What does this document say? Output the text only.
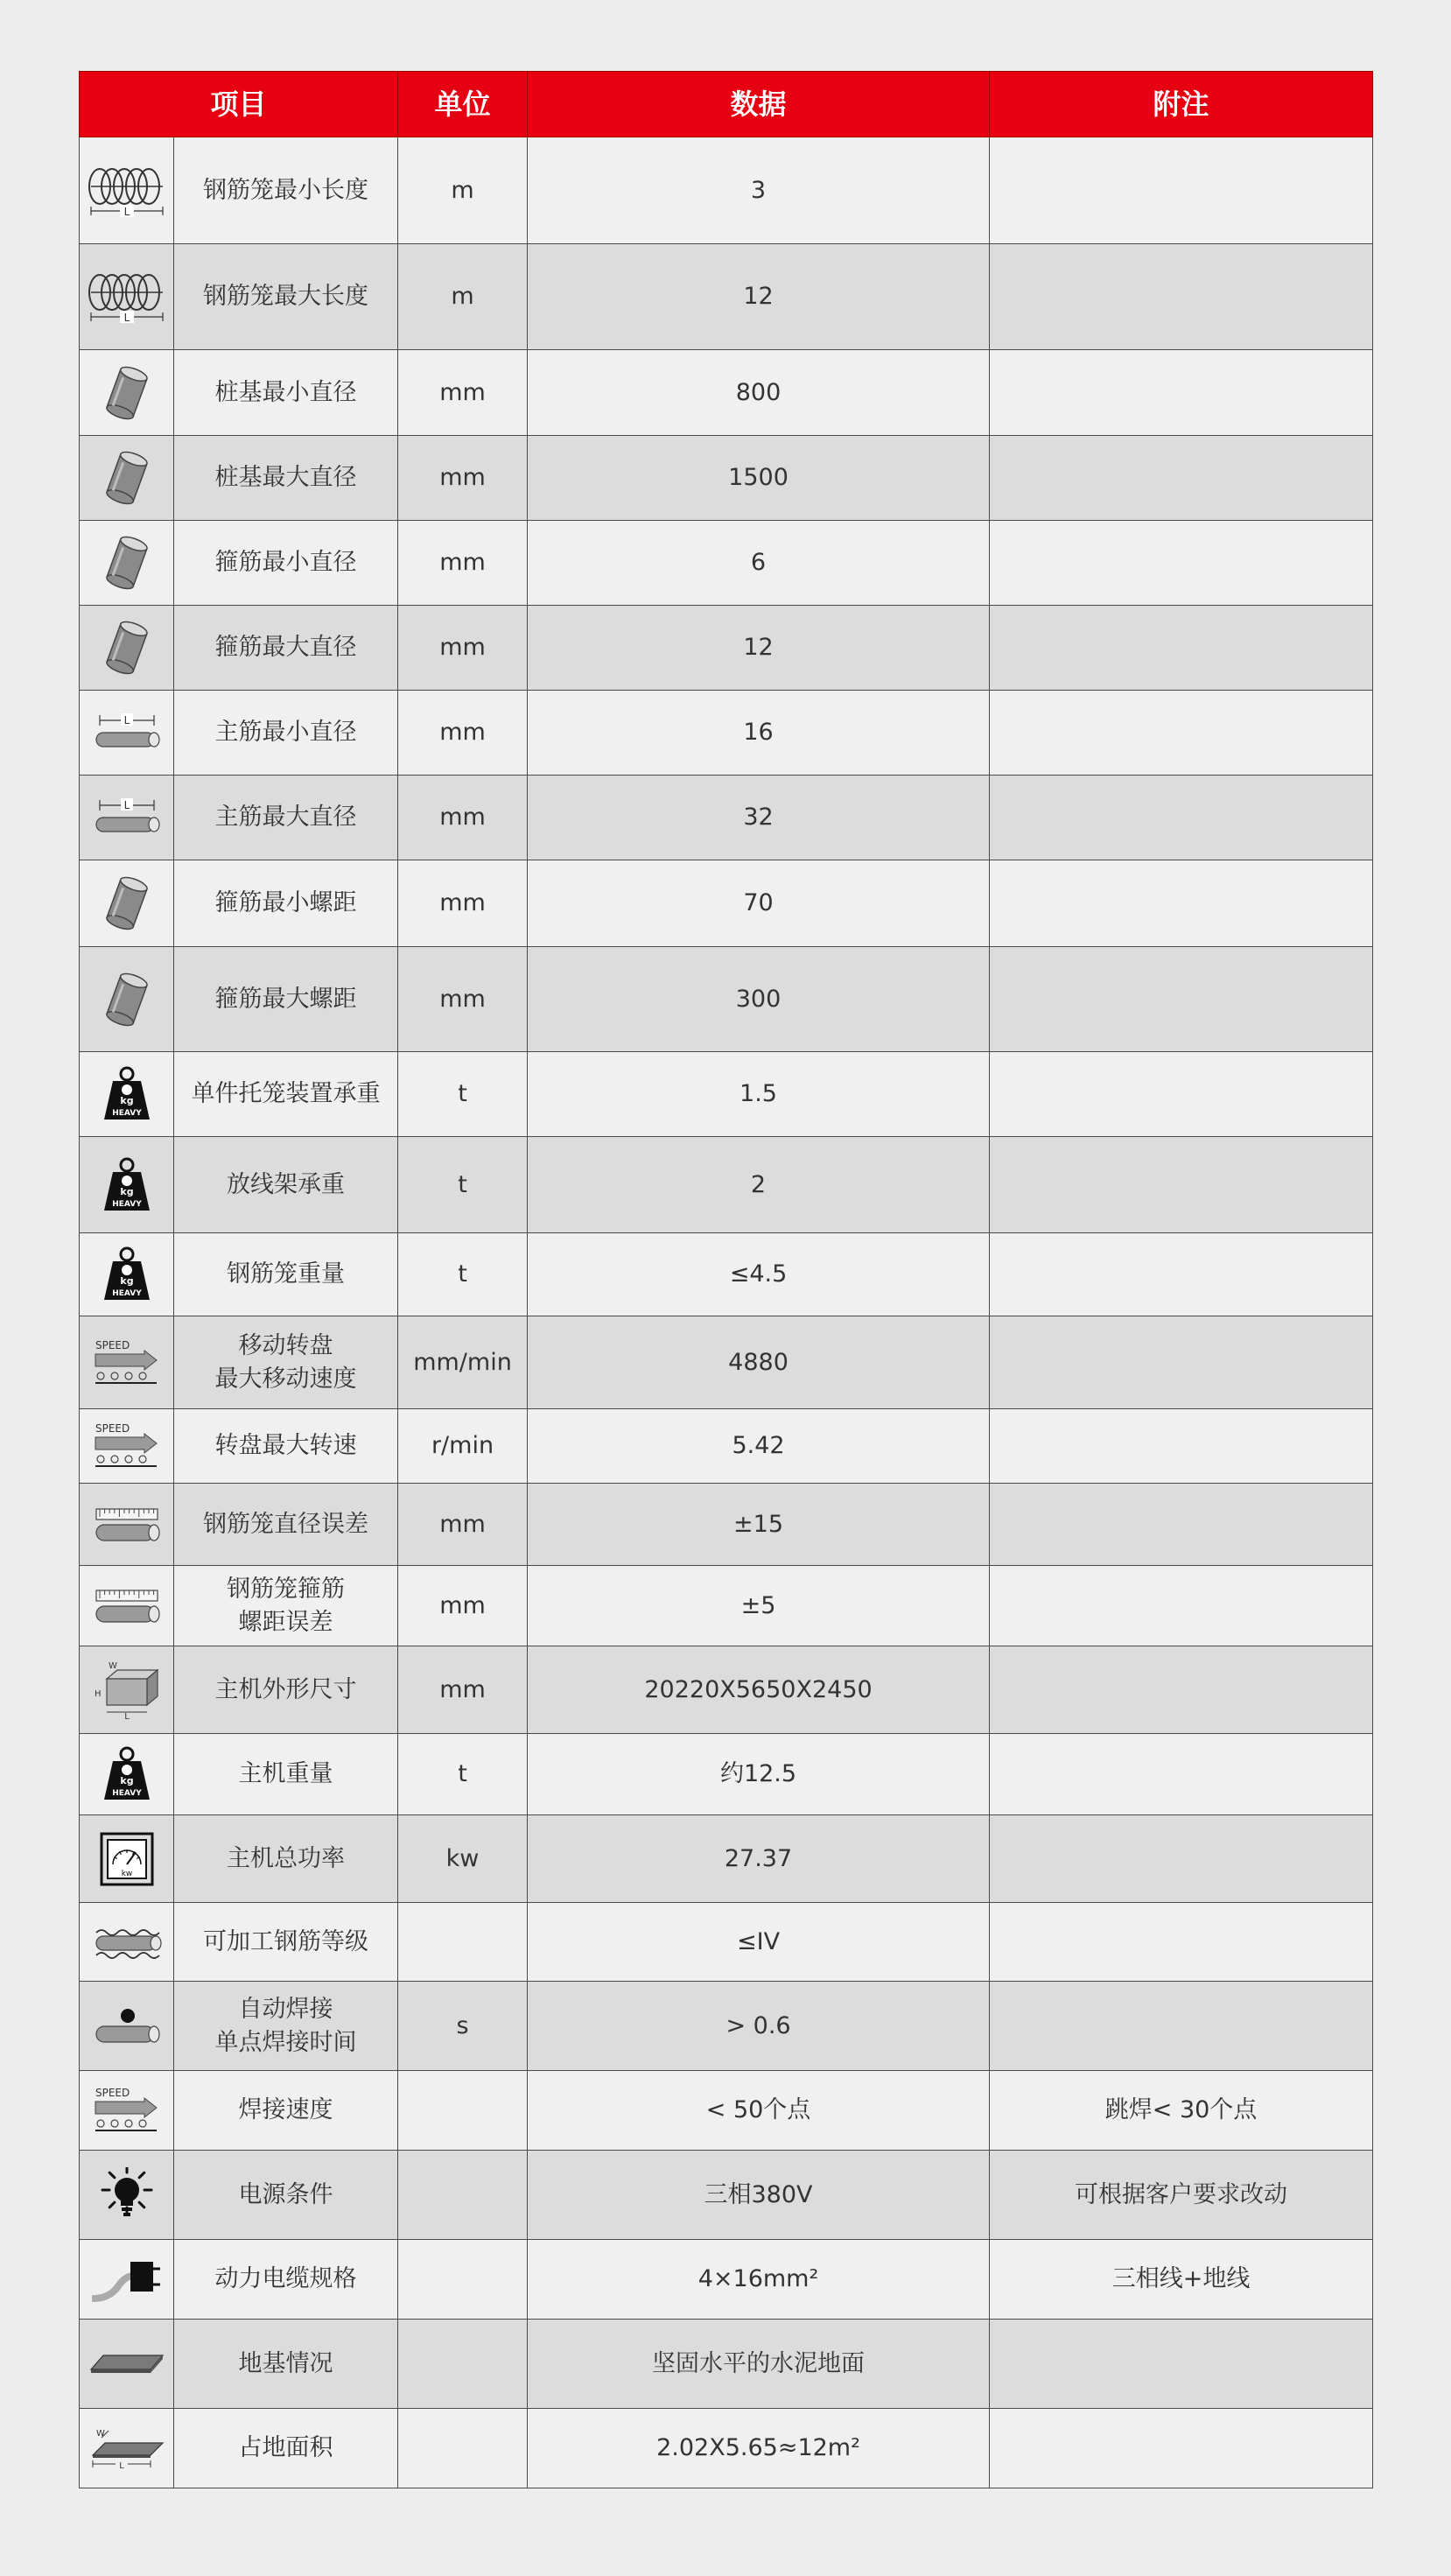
项目		单位	数据	附注

L	钢筋笼最小长度	m	3	

L	钢筋笼最大长度	m	12	

	桩基最小直径	mm	800	

	桩基最大直径	mm	1500	

	箍筋最小直径	mm	6	

	箍筋最大直径	mm	12	

L	主筋最小直径	mm	16	

L	主筋最大直径	mm	32	

	箍筋最小螺距	mm	70	

	箍筋最大螺距	mm	300	

kg
HEAVY	单件托笼装置承重	t	1.5	

kg
HEAVY	放线架承重	t	2	

kg
HEAVY	钢筋笼重量	t	≤4.5	

SPEED	移动转盘
最大移动速度	mm/min	4880	

SPEED	转盘最大转速	r/min	5.42	

	钢筋笼直径误差	mm	±15	

	钢筋笼箍筋
螺距误差	mm	±5	

W
H
L	主机外形尺寸	mm	20220X5650X2450	

kg
HEAVY	主机重量	t	约12.5	

kw	主机总功率	kw	27.37	

	可加工钢筋等级		≤IV	

	自动焊接
单点焊接时间	s	> 0.6	

SPEED	焊接速度		< 50个点	跳焊< 30个点

	电源条件		三相380V	可根据客户要求改动

	动力电缆规格		4×16mm²	三相线+地线

	地基情况		坚固水平的水泥地面	

W
L	占地面积		2.02X5.65≈12m²	
